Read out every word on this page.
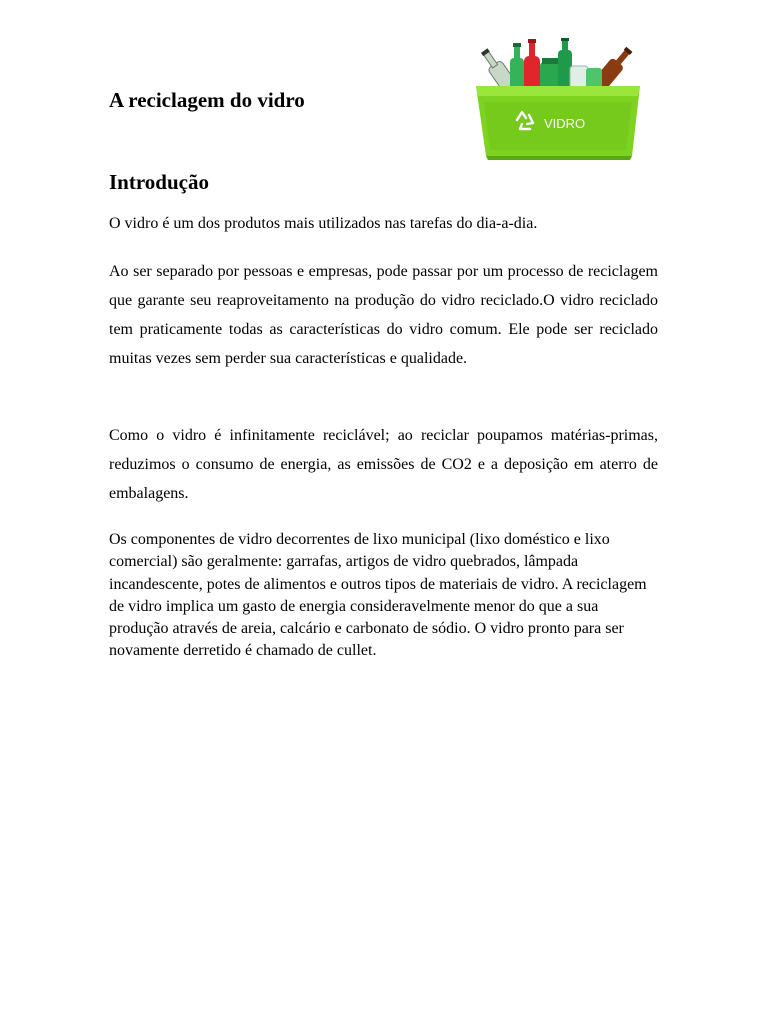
A reciclagem do vidro
VIDRO
Introdução

O vidro é um dos produtos mais utilizados nas tarefas do dia-a-dia.

Ao ser separado por pessoas e empresas, pode passar por um processo de reciclagem que garante seu reaproveitamento na produção do vidro reciclado.O vidro reciclado tem praticamente todas as características do vidro comum. Ele pode ser reciclado muitas vezes sem perder sua características e qualidade.

Como o vidro é infinitamente reciclável; ao reciclar poupamos matérias-primas, reduzimos o consumo de energia, as emissões de CO2 e a deposição em aterro de embalagens.

Os componentes de vidro decorrentes de lixo municipal (lixo doméstico e lixo comercial) são geralmente: garrafas, artigos de vidro quebrados, lâmpada incandescente, potes de alimentos e outros tipos de materiais de vidro. A reciclagem de vidro implica um gasto de energia consideravelmente menor do que a sua produção através de areia, calcário e carbonato de sódio. O vidro pronto para ser novamente derretido é chamado de cullet.
